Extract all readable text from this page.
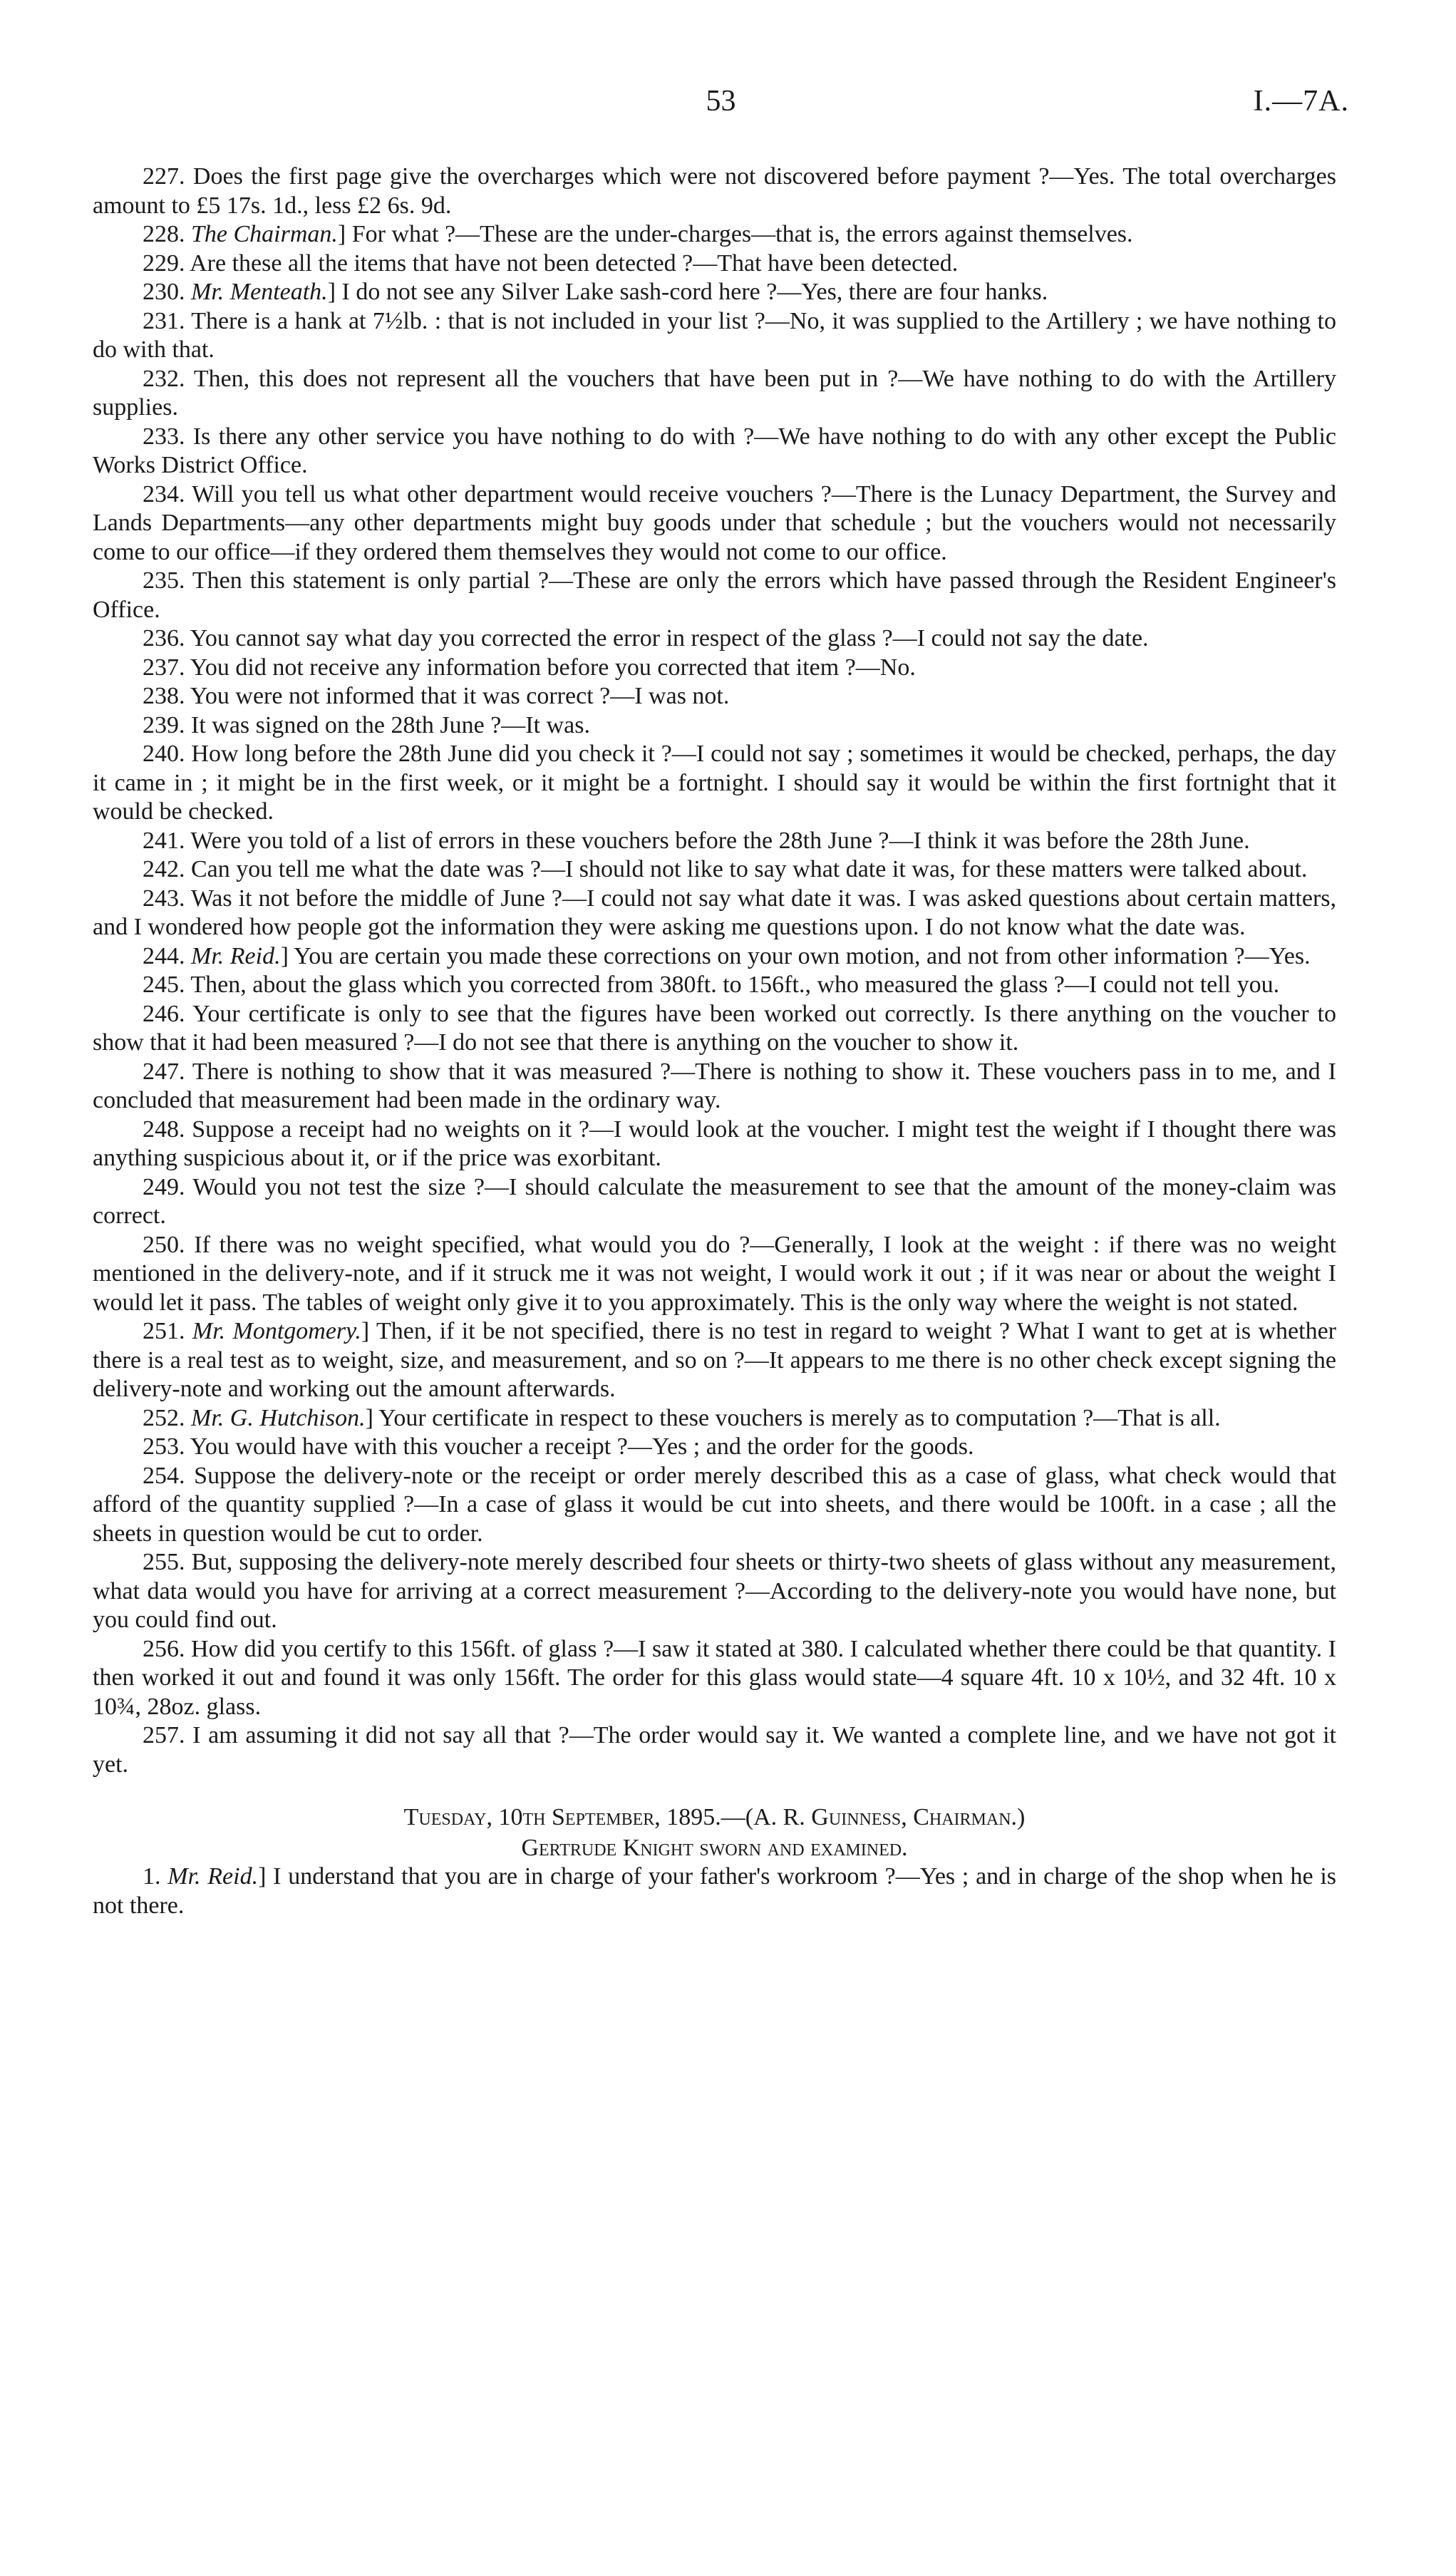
53	I.—7A.

227. Does the first page give the overcharges which were not discovered before payment ?—Yes. The total overcharges amount to £5 17s. 1d., less £2 6s. 9d.

228. The Chairman.] For what ?—These are the under-charges—that is, the errors against themselves.

229. Are these all the items that have not been detected ?—That have been detected.

230. Mr. Menteath.] I do not see any Silver Lake sash-cord here ?—Yes, there are four hanks.

231. There is a hank at 7½lb. : that is not included in your list ?—No, it was supplied to the Artillery ; we have nothing to do with that.

232. Then, this does not represent all the vouchers that have been put in ?—We have nothing to do with the Artillery supplies.

233. Is there any other service you have nothing to do with ?—We have nothing to do with any other except the Public Works District Office.

234. Will you tell us what other department would receive vouchers ?—There is the Lunacy Department, the Survey and Lands Departments—any other departments might buy goods under that schedule ; but the vouchers would not necessarily come to our office—if they ordered them themselves they would not come to our office.

235. Then this statement is only partial ?—These are only the errors which have passed through the Resident Engineer's Office.

236. You cannot say what day you corrected the error in respect of the glass ?—I could not say the date.

237. You did not receive any information before you corrected that item ?—No.

238. You were not informed that it was correct ?—I was not.

239. It was signed on the 28th June ?—It was.

240. How long before the 28th June did you check it ?—I could not say ; sometimes it would be checked, perhaps, the day it came in ; it might be in the first week, or it might be a fortnight. I should say it would be within the first fortnight that it would be checked.

241. Were you told of a list of errors in these vouchers before the 28th June ?—I think it was before the 28th June.

242. Can you tell me what the date was ?—I should not like to say what date it was, for these matters were talked about.

243. Was it not before the middle of June ?—I could not say what date it was. I was asked questions about certain matters, and I wondered how people got the information they were asking me questions upon. I do not know what the date was.

244. Mr. Reid.] You are certain you made these corrections on your own motion, and not from other information ?—Yes.

245. Then, about the glass which you corrected from 380ft. to 156ft., who measured the glass ?—I could not tell you.

246. Your certificate is only to see that the figures have been worked out correctly. Is there anything on the voucher to show that it had been measured ?—I do not see that there is anything on the voucher to show it.

247. There is nothing to show that it was measured ?—There is nothing to show it. These vouchers pass in to me, and I concluded that measurement had been made in the ordinary way.

248. Suppose a receipt had no weights on it ?—I would look at the voucher. I might test the weight if I thought there was anything suspicious about it, or if the price was exorbitant.

249. Would you not test the size ?—I should calculate the measurement to see that the amount of the money-claim was correct.

250. If there was no weight specified, what would you do ?—Generally, I look at the weight : if there was no weight mentioned in the delivery-note, and if it struck me it was not weight, I would work it out ; if it was near or about the weight I would let it pass. The tables of weight only give it to you approximately. This is the only way where the weight is not stated.

251. Mr. Montgomery.] Then, if it be not specified, there is no test in regard to weight ? What I want to get at is whether there is a real test as to weight, size, and measurement, and so on ?—It appears to me there is no other check except signing the delivery-note and working out the amount afterwards.

252. Mr. G. Hutchison.] Your certificate in respect to these vouchers is merely as to computation ?—That is all.

253. You would have with this voucher a receipt ?—Yes ; and the order for the goods.

254. Suppose the delivery-note or the receipt or order merely described this as a case of glass, what check would that afford of the quantity supplied ?—In a case of glass it would be cut into sheets, and there would be 100ft. in a case ; all the sheets in question would be cut to order.

255. But, supposing the delivery-note merely described four sheets or thirty-two sheets of glass without any measurement, what data would you have for arriving at a correct measurement ?—According to the delivery-note you would have none, but you could find out.

256. How did you certify to this 156ft. of glass ?—I saw it stated at 380. I calculated whether there could be that quantity. I then worked it out and found it was only 156ft. The order for this glass would state—4 square 4ft. 10 x 10½, and 32 4ft. 10 x 10¾, 28oz. glass.

257. I am assuming it did not say all that ?—The order would say it. We wanted a complete line, and we have not got it yet.

Tuesday, 10th September, 1895.—(A. R. Guinness, Chairman.)

Gertrude Knight sworn and examined.

1. Mr. Reid.] I understand that you are in charge of your father's workroom ?—Yes ; and in charge of the shop when he is not there.
